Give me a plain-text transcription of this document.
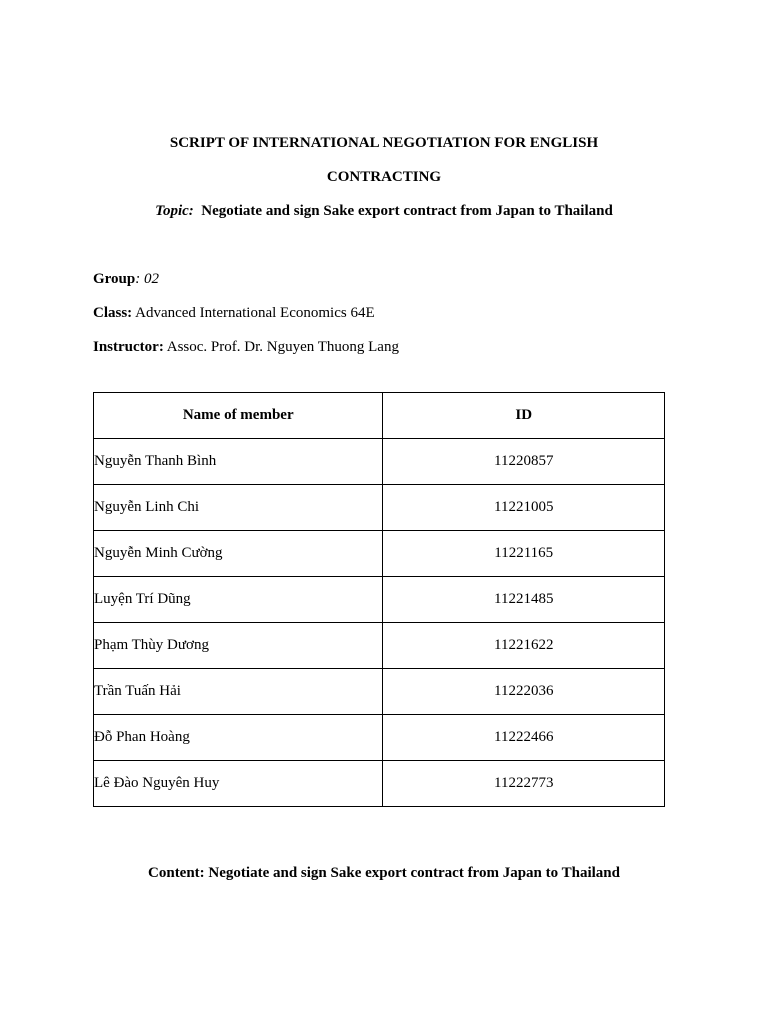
SCRIPT OF INTERNATIONAL NEGOTIATION FOR ENGLISH
CONTRACTING
Topic: Negotiate and sign Sake export contract from Japan to Thailand
Group: 02
Class: Advanced International Economics 64E
Instructor: Assoc. Prof. Dr. Nguyen Thuong Lang
Name of member	ID
Nguyễn Thanh Bình	11220857
Nguyễn Linh Chi	11221005
Nguyễn Minh Cường	11221165
Luyện Trí Dũng	11221485
Phạm Thùy Dương	11221622
Trần Tuấn Hải	11222036
Đỗ Phan Hoàng	11222466
Lê Đào Nguyên Huy	11222773
Content: Negotiate and sign Sake export contract from Japan to Thailand
